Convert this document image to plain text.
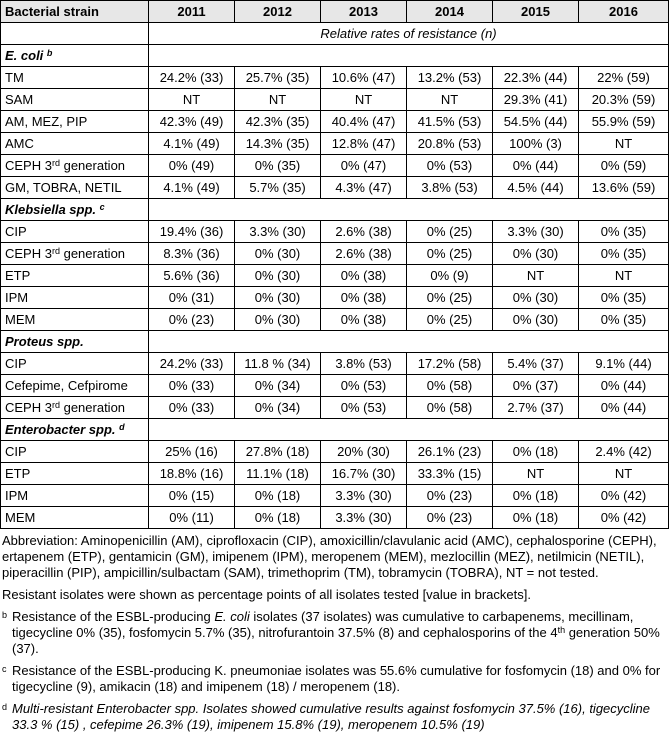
Bacterial strain	2011	2012	2013	2014	2015	2016
	Relative rates of resistance (n)					
E. coli $^b$	
TM	24.2% (33)	25.7% (35)	10.6% (47)	13.2% (53)	22.3% (44)	22% (59)
SAM	NT	NT	NT	NT	29.3% (41)	20.3% (59)
AM, MEZ, PIP	42.3% (49)	42.3% (35)	40.4% (47)	41.5% (53)	54.5% (44)	55.9% (59)
AMC	4.1% (49)	14.3% (35)	12.8% (47)	20.8% (53)	100% (3)	NT
CEPH 3rd generation	0% (49)	0% (35)	0% (47)	0% (53)	0% (44)	0% (59)
GM, TOBRA, NETIL	4.1% (49)	5.7% (35)	4.3% (47)	3.8% (53)	4.5% (44)	13.6% (59)
Klebsiella spp. $^c$	
CIP	19.4% (36)	3.3% (30)	2.6% (38)	0% (25)	3.3% (30)	0% (35)
CEPH 3rd generation	8.3% (36)	0% (30)	2.6% (38)	0% (25)	0% (30)	0% (35)
ETP	5.6% (36)	0% (30)	0% (38)	0% (9)	NT	NT
IPM	0% (31)	0% (30)	0% (38)	0% (25)	0% (30)	0% (35)
MEM	0% (23)	0% (30)	0% (38)	0% (25)	0% (30)	0% (35)
Proteus spp.						
CIP	24.2% (33)	11.8 % (34)	3.8% (53)	17.2% (58)	5.4% (37)	9.1% (44)
Cefepime, Cefpirome	0% (33)	0% (34)	0% (53)	0% (58)	0% (37)	0% (44)
CEPH 3rd generation	0% (33)	0% (34)	0% (53)	0% (58)	2.7% (37)	0% (44)
Enterobacter spp. $^d$	
CIP	25% (16)	27.8% (18)	20% (30)	26.1% (23)	0% (18)	2.4% (42)
ETP	18.8% (16)	11.1% (18)	16.7% (30)	33.3% (15)	NT	NT
IPM	0% (15)	0% (18)	3.3% (30)	0% (23)	0% (18)	0% (42)
MEM	0% (11)	0% (18)	3.3% (30)	0% (23)	0% (18)	0% (42)

Abbreviation: Aminopenicillin (AM), ciprofloxacin (CIP), amoxicillin/clavulanic acid (AMC), cephalosporine (CEPH), ertapenem (ETP), gentamicin (GM), imipenem (IPM), meropenem (MEM), mezlocillin (MEZ), netilmicin (NETIL), piperacillin (PIP), ampicillin/sulbactam (SAM), trimethoprim (TM), tobramycin (TOBRA), NT = not tested.

Resistant isolates were shown as percentage points of all isolates tested [value in brackets].

b Resistance of the ESBL-producing E. coli isolates (37 isolates) was cumulative to carbapenems, mecillinam, tigecycline 0% (35), fosfomycin 5.7% (35), nitrofurantoin 37.5% (8) and cephalosporins of the 4th generation 50% (37).
c Resistance of the ESBL-producing K. pneumoniae isolates was 55.6% cumulative for fosfomycin (18) and 0% for tigecycline (9), amikacin (18) and imipenem (18) / meropenem (18).
d Multi-resistant Enterobacter spp. Isolates showed cumulative results against fosfomycin 37.5% (16), tigecycline 33.3 % (15) , cefepime 26.3% (19), imipenem 15.8% (19), meropenem 10.5% (19)
